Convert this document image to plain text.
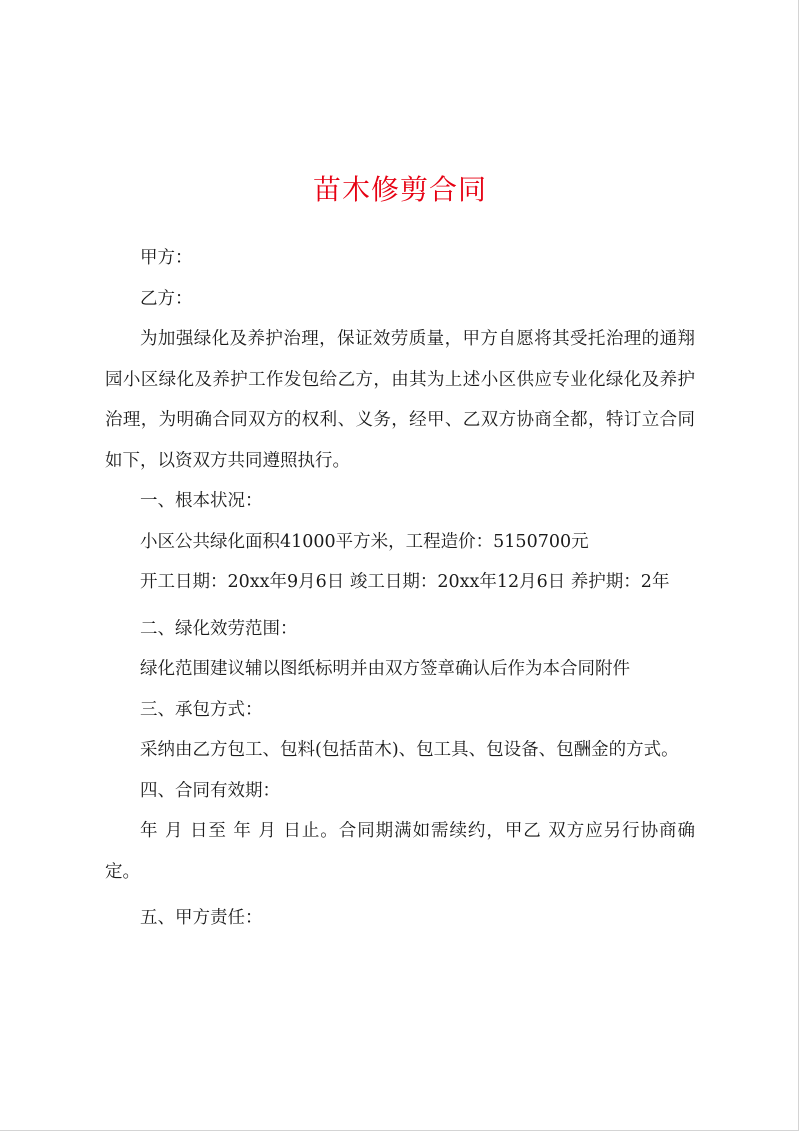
苗木修剪合同

甲方：

乙方：

为加强绿化及养护治理，保证效劳质量，甲方自愿将其受托治理的通翔园小区绿化及养护工作发包给乙方，由其为上述小区供应专业化绿化及养护治理，为明确合同双方的权利、义务，经甲、乙双方协商全都，特订立合同如下，以资双方共同遵照执行。

一、根本状况：

小区公共绿化面积41000平方米，工程造价：5150700元

开工日期：20xx年9月6日 竣工日期：20xx年12月6日 养护期：2年

二、绿化效劳范围：

绿化范围建议辅以图纸标明并由双方签章确认后作为本合同附件

三、承包方式：

采纳由乙方包工、包料(包括苗木)、包工具、包设备、包酬金的方式。

四、合同有效期：

年 月 日至 年 月 日止。合同期满如需续约，甲乙 双方应另行协商确定。

五、甲方责任：
